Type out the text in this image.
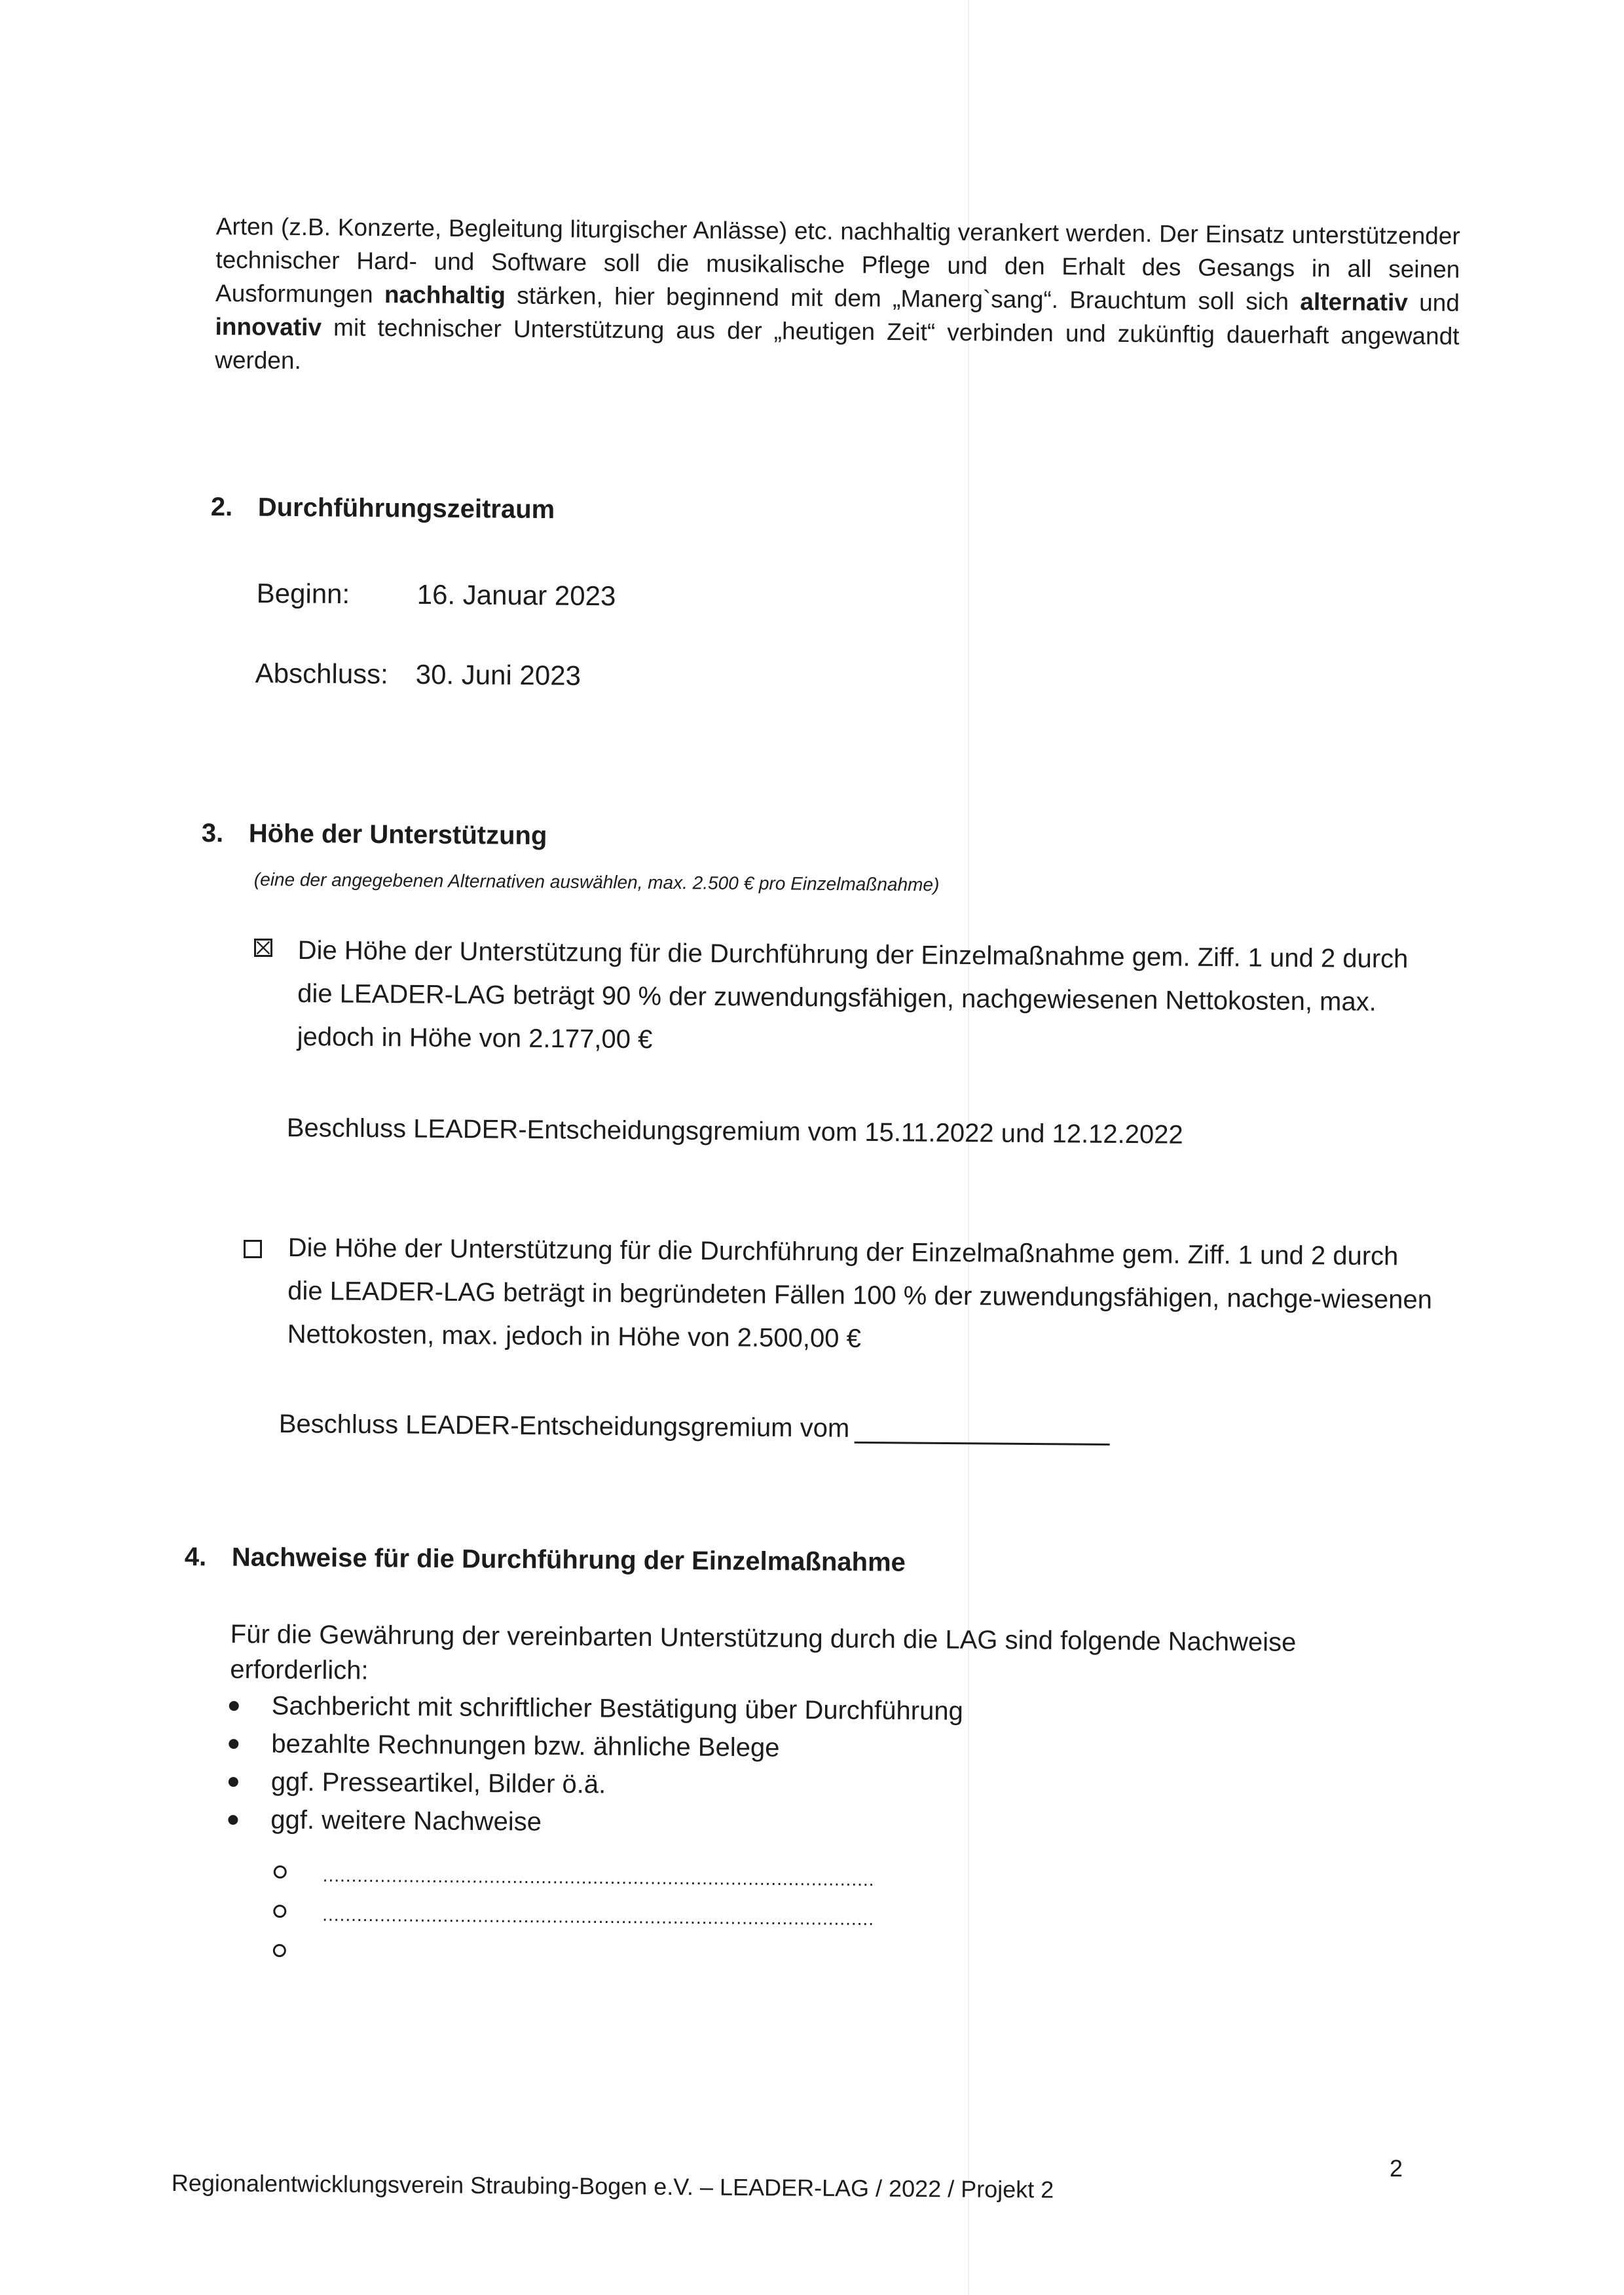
Arten (z.B. Konzerte, Begleitung liturgischer Anlässe) etc. nachhaltig verankert werden. Der Einsatz unterstützender technischer Hard- und Software soll die musikalische Pflege und den Erhalt des Gesangs in all seinen Ausformungen nachhaltig stärken, hier beginnend mit dem „Manerg`sang“. Brauchtum soll sich alternativ und innovativ mit technischer Unterstützung aus der „heutigen Zeit“ verbinden und zukünftig dauerhaft angewandt werden.

2. Durchführungszeitraum
Beginn: 16. Januar 2023
Abschluss: 30. Juni 2023
3. Höhe der Unterstützung
(eine der angegebenen Alternativen auswählen, max. 2.500 € pro Einzelmaßnahme)
Die Höhe der Unterstützung für die Durchführung der Einzelmaßnahme gem. Ziff. 1 und 2 durch die LEADER-LAG beträgt 90 % der zuwendungsfähigen, nachgewiesenen Nettokosten, max. jedoch in Höhe von 2.177,00 €
Beschluss LEADER-Entscheidungsgremium vom 15.11.2022 und 12.12.2022
Die Höhe der Unterstützung für die Durchführung der Einzelmaßnahme gem. Ziff. 1 und 2 durch die LEADER-LAG beträgt in begründeten Fällen 100 % der zuwendungsfähigen, nachge-wiesenen Nettokosten, max. jedoch in Höhe von 2.500,00 €
Beschluss LEADER-Entscheidungsgremium vom
4. Nachweise für die Durchführung der Einzelmaßnahme
Für die Gewährung der vereinbarten Unterstützung durch die LAG sind folgende Nachweise erforderlich:
Sachbericht mit schriftlicher Bestätigung über Durchführung
bezahlte Rechnungen bzw. ähnliche Belege
ggf. Presseartikel, Bilder ö.ä.
ggf. weitere Nachweise
................................................................................................
................................................................................................
Regionalentwicklungsverein Straubing-Bogen e.V. – LEADER-LAG / 2022 / Projekt 2
2
